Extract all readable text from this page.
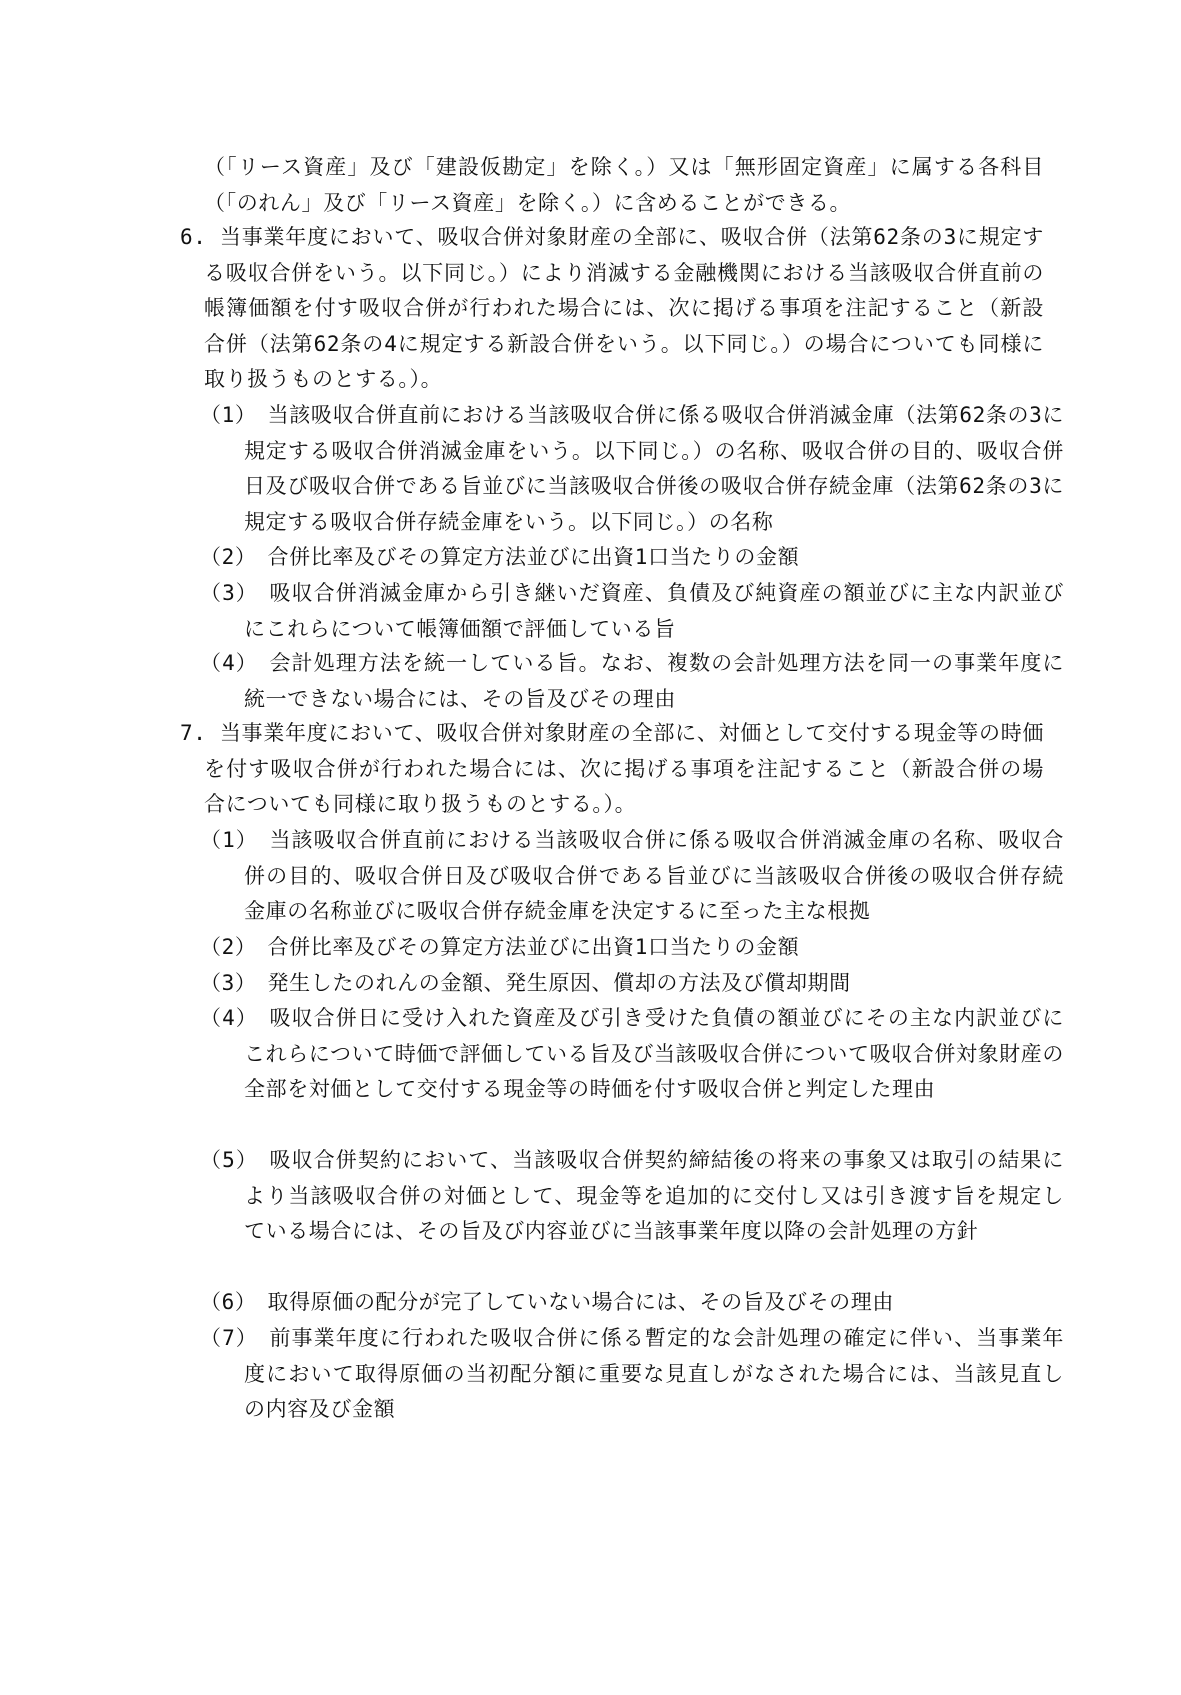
（「リース資産」及び「建設仮勘定」を除く。）又は「無形固定資産」に属する各科目（「のれん」及び「リース資産」を除く。）に含めることができる。
6. 当事業年度において、吸収合併対象財産の全部に、吸収合併（法第62条の3に規定する吸収合併をいう。以下同じ。）により消滅する金融機関における当該吸収合併直前の帳簿価額を付す吸収合併が行われた場合には、次に掲げる事項を注記すること（新設合併（法第62条の4に規定する新設合併をいう。以下同じ。）の場合についても同様に取り扱うものとする。）。
（1）　当該吸収合併直前における当該吸収合併に係る吸収合併消滅金庫（法第62条の3に規定する吸収合併消滅金庫をいう。以下同じ。）の名称、吸収合併の目的、吸収合併日及び吸収合併である旨並びに当該吸収合併後の吸収合併存続金庫（法第62条の3に規定する吸収合併存続金庫をいう。以下同じ。）の名称
（2）　合併比率及びその算定方法並びに出資1口当たりの金額
（3）　吸収合併消滅金庫から引き継いだ資産、負債及び純資産の額並びに主な内訳並びにこれらについて帳簿価額で評価している旨
（4）　会計処理方法を統一している旨。なお、複数の会計処理方法を同一の事業年度に統一できない場合には、その旨及びその理由
7. 当事業年度において、吸収合併対象財産の全部に、対価として交付する現金等の時価を付す吸収合併が行われた場合には、次に掲げる事項を注記すること（新設合併の場合についても同様に取り扱うものとする。）。
（1）　当該吸収合併直前における当該吸収合併に係る吸収合併消滅金庫の名称、吸収合併の目的、吸収合併日及び吸収合併である旨並びに当該吸収合併後の吸収合併存続金庫の名称並びに吸収合併存続金庫を決定するに至った主な根拠
（2）　合併比率及びその算定方法並びに出資1口当たりの金額
（3）　発生したのれんの金額、発生原因、償却の方法及び償却期間
（4）　吸収合併日に受け入れた資産及び引き受けた負債の額並びにその主な内訳並びにこれらについて時価で評価している旨及び当該吸収合併について吸収合併対象財産の全部を対価として交付する現金等の時価を付す吸収合併と判定した理由
（5）　吸収合併契約において、当該吸収合併契約締結後の将来の事象又は取引の結果により当該吸収合併の対価として、現金等を追加的に交付し又は引き渡す旨を規定している場合には、その旨及び内容並びに当該事業年度以降の会計処理の方針
（6）　取得原価の配分が完了していない場合には、その旨及びその理由
（7）　前事業年度に行われた吸収合併に係る暫定的な会計処理の確定に伴い、当事業年度において取得原価の当初配分額に重要な見直しがなされた場合には、当該見直しの内容及び金額
